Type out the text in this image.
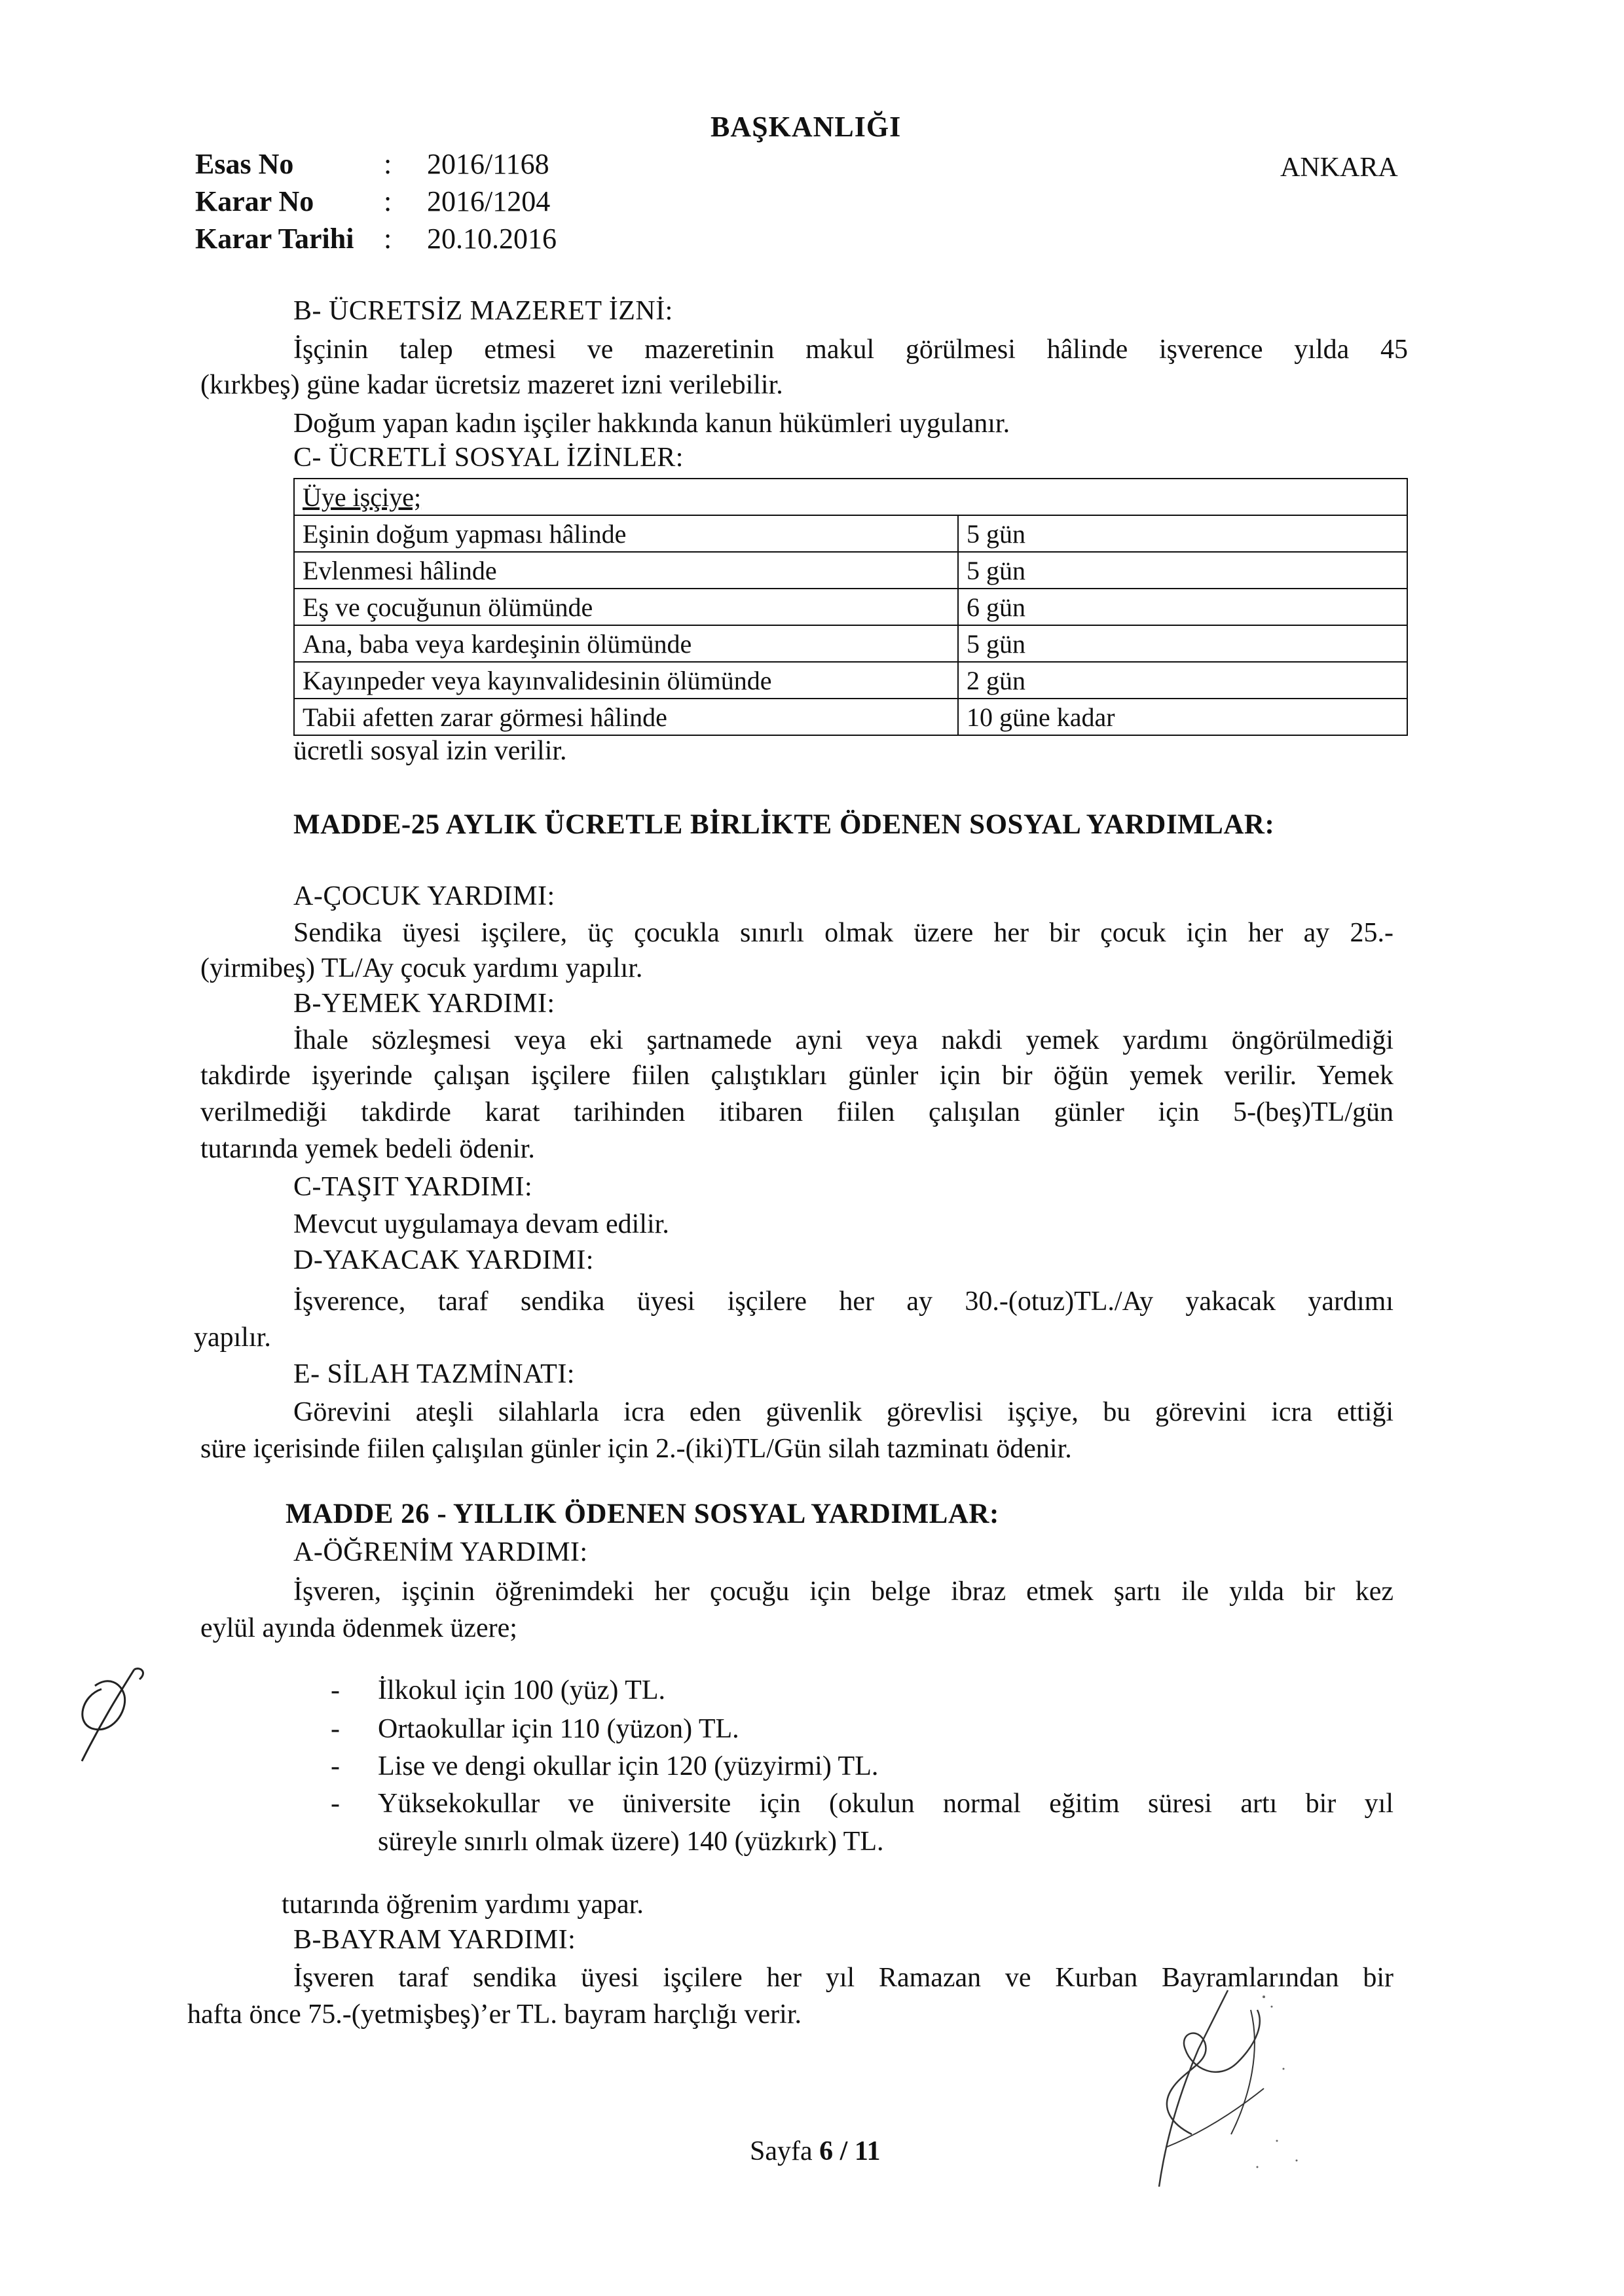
BAŞKANLIĞI
ANKARA
Esas No	:	2016/1168
Karar No	:	2016/1204
Karar Tarihi	:	20.10.2016
B- ÜCRETSİZ MAZERET İZNİ:
İşçinin talep etmesi ve mazeretinin makul görülmesi hâlinde işverence yılda 45
(kırkbeş) güne kadar ücretsiz mazeret izni verilebilir.
Doğum yapan kadın işçiler hakkında kanun hükümleri uygulanır.
C- ÜCRETLİ SOSYAL İZİNLER:
Üye işçiye;	
Eşinin doğum yapması hâlinde	5 gün
Evlenmesi hâlinde	5 gün
Eş ve çocuğunun ölümünde	6 gün
Ana, baba veya kardeşinin ölümünde	5 gün
Kayınpeder veya kayınvalidesinin ölümünde	2 gün
Tabii afetten zarar görmesi hâlinde	10 güne kadar
ücretli sosyal izin verilir.
MADDE-25 AYLIK ÜCRETLE BİRLİKTE ÖDENEN SOSYAL YARDIMLAR:
A-ÇOCUK YARDIMI:
Sendika üyesi işçilere, üç çocukla sınırlı olmak üzere her bir çocuk için her ay 25.-
(yirmibeş) TL/Ay çocuk yardımı yapılır.
B-YEMEK YARDIMI:
İhale sözleşmesi veya eki şartnamede ayni veya nakdi yemek yardımı öngörülmediği
takdirde işyerinde çalışan işçilere fiilen çalıştıkları günler için bir öğün yemek verilir. Yemek
verilmediği takdirde karat tarihinden itibaren fiilen çalışılan günler için 5-(beş)TL/gün
tutarında yemek bedeli ödenir.
C-TAŞIT YARDIMI:
Mevcut uygulamaya devam edilir.
D-YAKACAK YARDIMI:
İşverence, taraf sendika üyesi işçilere her ay 30.-(otuz)TL./Ay yakacak yardımı
yapılır.
E- SİLAH TAZMİNATI:
Görevini ateşli silahlarla icra eden güvenlik görevlisi işçiye, bu görevini icra ettiği
süre içerisinde fiilen çalışılan günler için 2.-(iki)TL/Gün silah tazminatı ödenir.
MADDE 26 - YILLIK ÖDENEN SOSYAL YARDIMLAR:
A-ÖĞRENİM YARDIMI:
İşveren, işçinin öğrenimdeki her çocuğu için belge ibraz etmek şartı ile yılda bir kez
eylül ayında ödenmek üzere;
-	İlkokul için 100 (yüz) TL.
-	Ortaokullar için 110 (yüzon) TL.
-	Lise ve dengi okullar için 120 (yüzyirmi) TL.
-	Yüksekokullar ve üniversite için (okulun normal eğitim süresi artı bir yıl
süreyle sınırlı olmak üzere) 140 (yüzkırk) TL.
tutarında öğrenim yardımı yapar.
B-BAYRAM YARDIMI:
İşveren taraf sendika üyesi işçilere her yıl Ramazan ve Kurban Bayramlarından bir
hafta önce 75.-(yetmişbeş)’er TL. bayram harçlığı verir.
Sayfa 6 / 11
